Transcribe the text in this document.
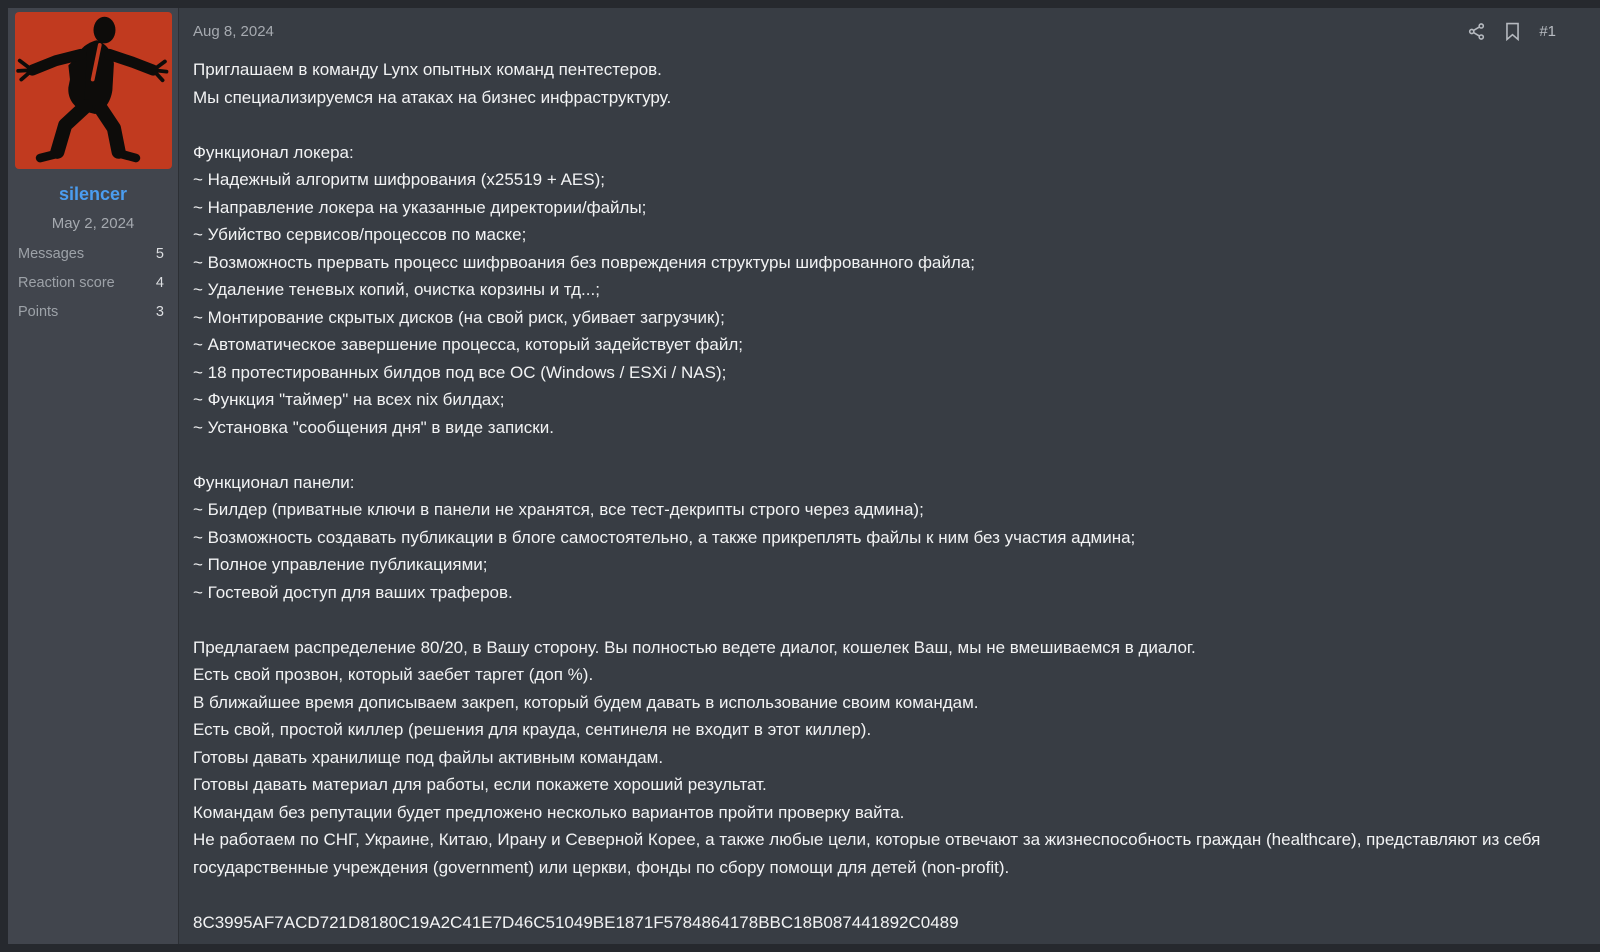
silencer
May 2, 2024
Messages	5
Reaction score	4
Points	3
Aug 8, 2024	#1
Приглашаем в команду Lynx опытных команд пентестеров.
Мы специализируемся на атаках на бизнес инфраструктуру.
Функционал локера:
~ Надежный алгоритм шифрования (x25519 + AES);
~ Направление локера на указанные директории/файлы;
~ Убийство сервисов/процессов по маске;
~ Возможность прервать процесс шифрвоания без повреждения структуры шифрованного файла;
~ Удаление теневых копий, очистка корзины и тд...;
~ Монтирование скрытых дисков (на свой риск, убивает загрузчик);
~ Автоматическое завершение процесса, который задействует файл;
~ 18 протестированных билдов под все ОС (Windows / ESXi / NAS);
~ Функция "таймер" на всех nix билдах;
~ Установка "сообщения дня" в виде записки.
Функционал панели:
~ Билдер (приватные ключи в панели не хранятся, все тест-декрипты строго через админа);
~ Возможность создавать публикации в блоге самостоятельно, а также прикреплять файлы к ним без участия админа;
~ Полное управление публикациями;
~ Гостевой доступ для ваших траферов.
Предлагаем распределение 80/20, в Вашу сторону. Вы полностью ведете диалог, кошелек Ваш, мы не вмешиваемся в диалог.
Есть свой прозвон, который заебет таргет (доп %).
В ближайшее время дописываем закреп, который будем давать в использование своим командам.
Есть свой, простой киллер (решения для крауда, сентинеля не входит в этот киллер).
Готовы давать хранилище под файлы активным командам.
Готовы давать материал для работы, если покажете хороший результат.
Командам без репутации будет предложено несколько вариантов пройти проверку вайта.
Не работаем по СНГ, Украине, Китаю, Ирану и Северной Корее, а также любые цели, которые отвечают за жизнеспособность граждан (healthcare), представляют из себя государственные учреждения (government) или церкви, фонды по сбору помощи для детей (non-profit).
8C3995AF7ACD721D8180C19A2C41E7D46C51049BE1871F5784864178BBC18B087441892C0489
